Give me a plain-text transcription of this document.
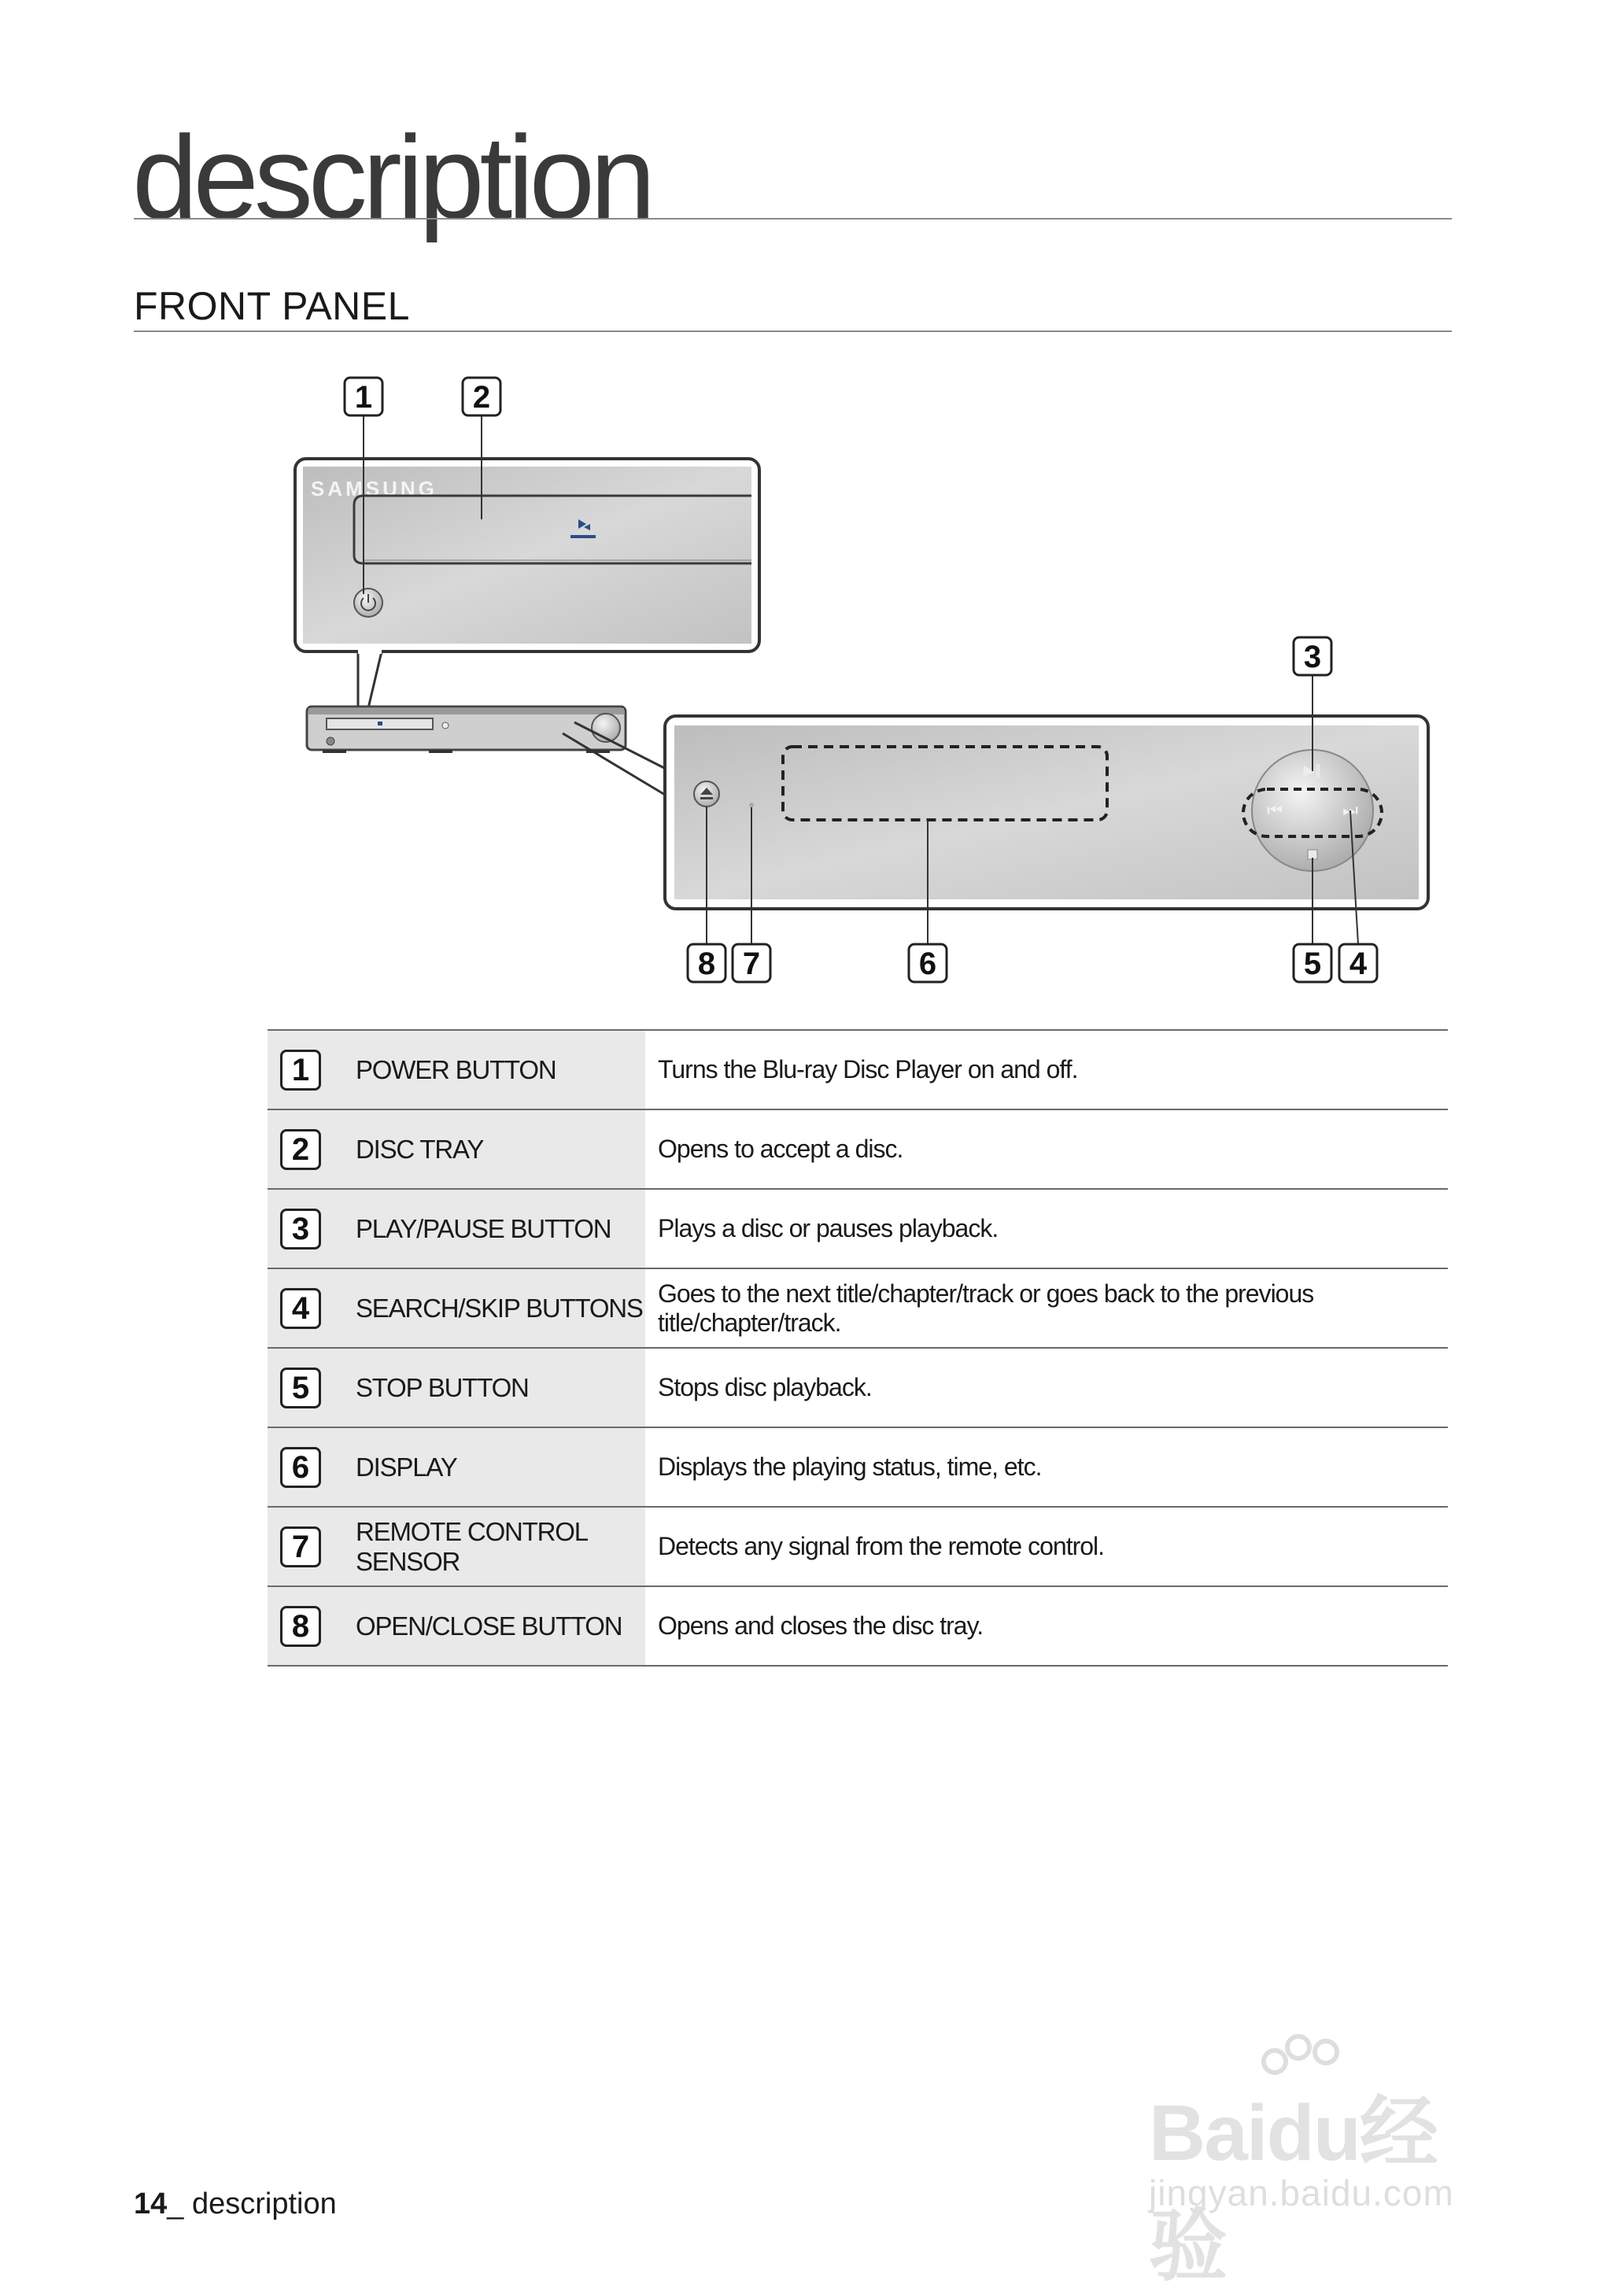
description
FRONT PANEL
SAMSUNG
▶∥
⏮	⏭
1	2
3
4
5
6
7
8
1	POWER BUTTON	Turns the Blu-ray Disc Player on and off.
2	DISC TRAY	Opens to accept a disc.
3	PLAY/PAUSE BUTTON	Plays a disc or pauses playback.
4	SEARCH/SKIP BUTTONS	Goes to the next title/chapter/track or goes back to the previous title/chapter/track.
5	STOP BUTTON	Stops disc playback.
6	DISPLAY	Displays the playing status, time, etc.
7	REMOTE CONTROL SENSOR	Detects any signal from the remote control.
8	OPEN/CLOSE BUTTON	Opens and closes the disc tray.
Baidu经验
jingyan.baidu.com
14_ description
